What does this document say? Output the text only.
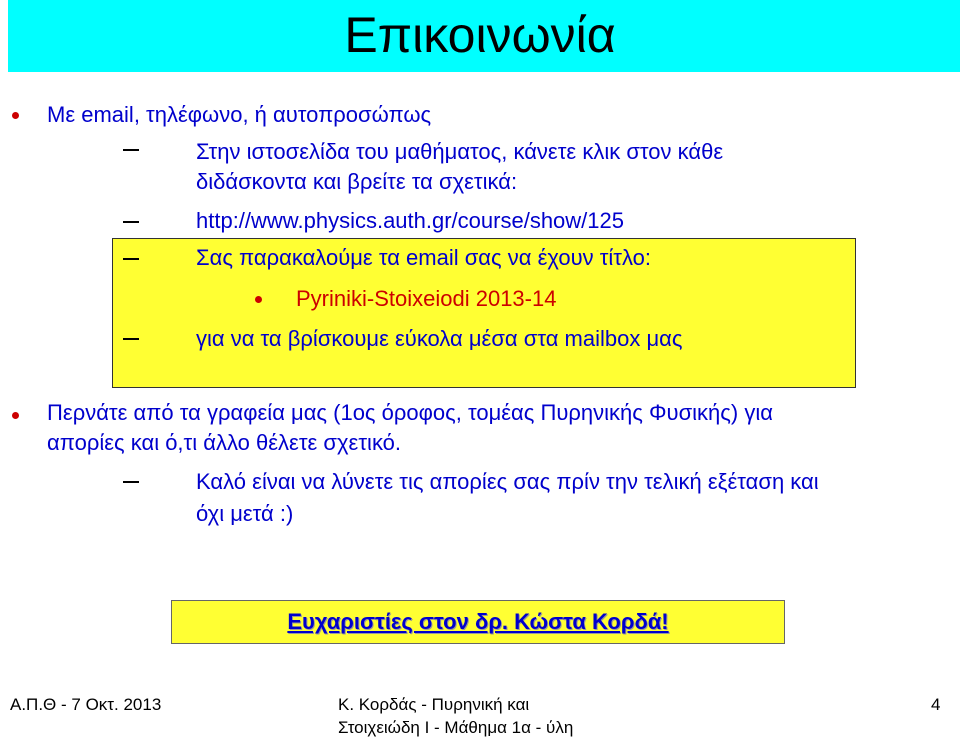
Επικοινωνία
Με email, τηλέφωνο, ή αυτοπροσώπως
Στην ιστοσελίδα του μαθήματος, κάνετε κλικ στον κάθε
διδάσκοντα και βρείτε τα σχετικά:
http://www.physics.auth.gr/course/show/125
Σας παρακαλούμε τα email σας να έχουν τίτλο:
Pyriniki-Stoixeiodi 2013-14
για να τα βρίσκουμε εύκολα μέσα στα mailbox μας
Περνάτε από τα γραφεία μας (1ος όροφος, τομέας Πυρηνικής Φυσικής) για
απορίες και ό,τι άλλο θέλετε σχετικό.
Καλό είναι να λύνετε τις απορίες σας πρίν την τελική εξέταση και
όχι μετά :)
Ευχαριστίες στον δρ. Κώστα Κορδά!
Α.Π.Θ - 7 Οκτ. 2013	Κ. Κορδάς - Πυρηνική και
Στοιχειώδη Ι - Μάθημα 1α - ύλη
4
